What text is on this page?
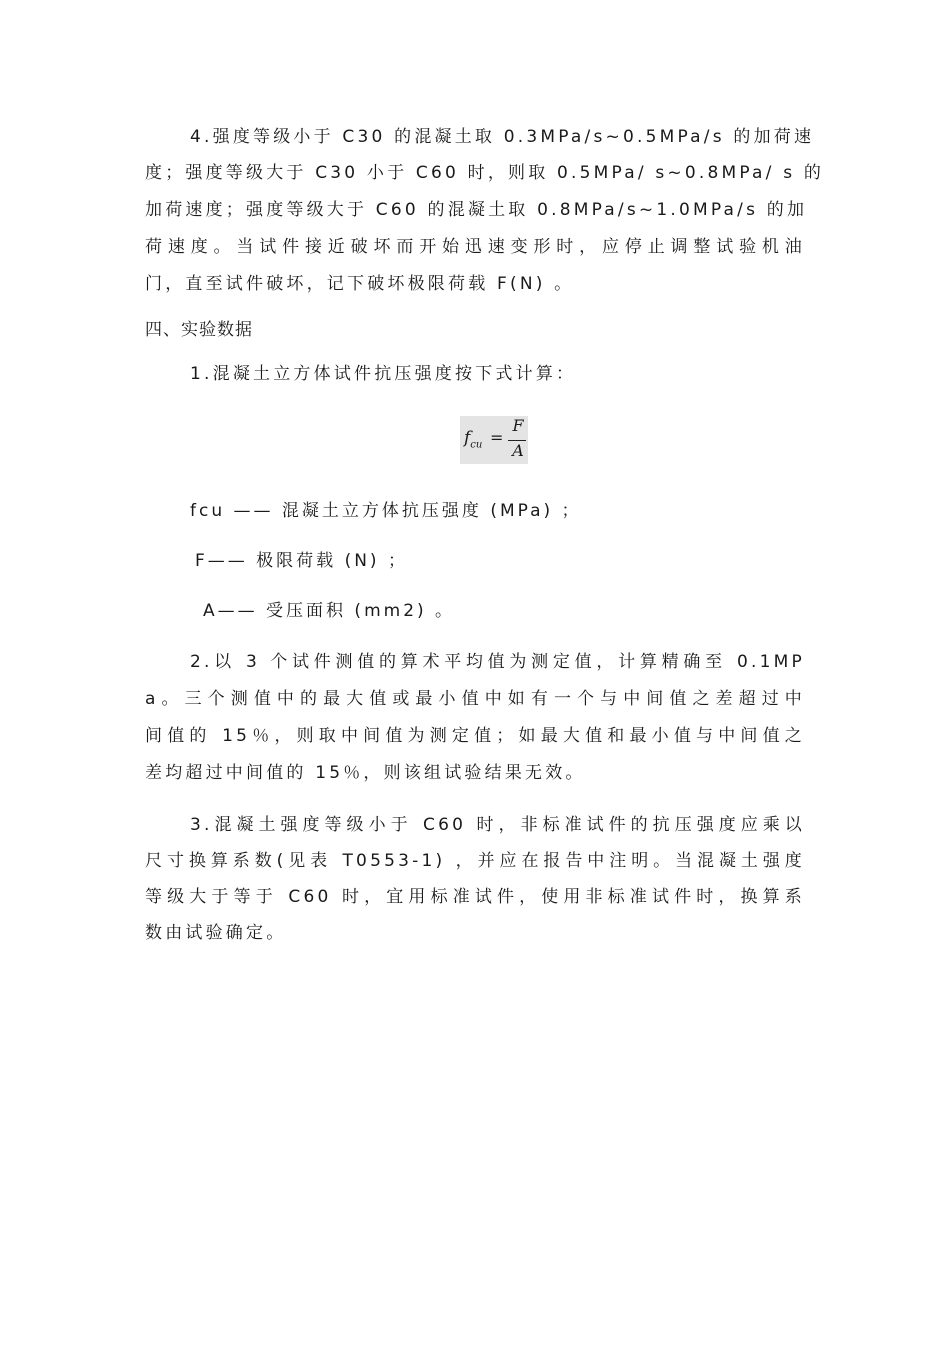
4.强度等级小于 C30 的混凝土取 0.3MPa/s~0.5MPa/s 的加荷速
度；强度等级大于 C30 小于 C60 时，则取 0.5MPa/ s~0.8MPa/ s 的
加荷速度；强度等级大于 C60 的混凝土取 0.8MPa/s~1.0MPa/s 的加
荷速度。当试件接近破坏而开始迅速变形时，应停止调整试验机油
门，直至试件破坏，记下破坏极限荷载 F(N) 。
四、实验数据
1.混凝土立方体试件抗压强度按下式计算：
$f_{cu}$ =
F
A
fcu —— 混凝土立方体抗压强度 (MPa) ；
F—— 极限荷载 (N) ；
A—— 受压面积 (mm2) 。
2.以 3 个试件测值的算术平均值为测定值，计算精确至 0.1MP
a。三个测值中的最大值或最小值中如有一个与中间值之差超过中
间值的 15％，则取中间值为测定值；如最大值和最小值与中间值之
差均超过中间值的 15％，则该组试验结果无效。
3.混凝土强度等级小于 C60 时，非标准试件的抗压强度应乘以
尺寸换算系数(见表 T0553-1) ，并应在报告中注明。当混凝土强度
等级大于等于 C60 时，宜用标准试件，使用非标准试件时，换算系
数由试验确定。
